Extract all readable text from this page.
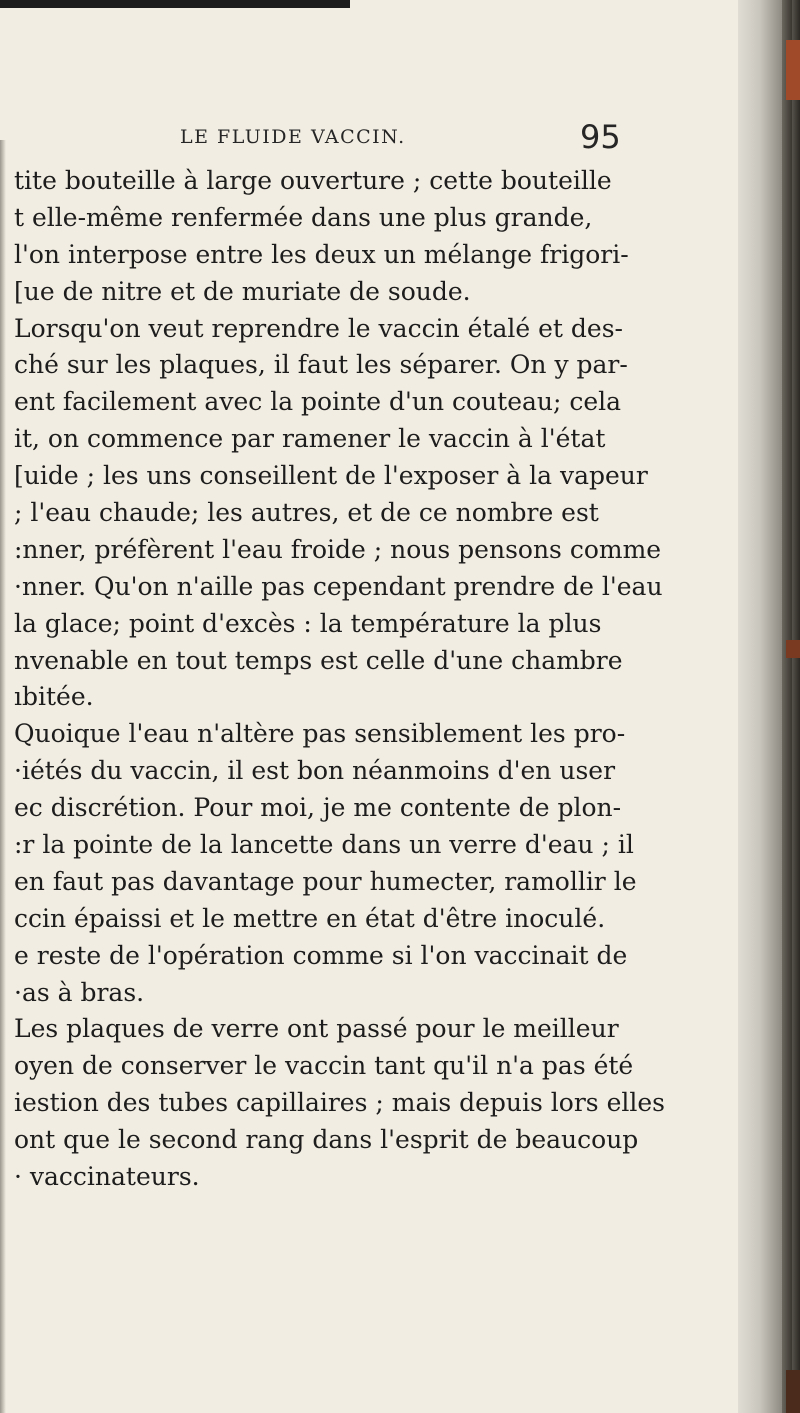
LE FLUIDE VACCIN.	95
tite bouteille à large ouverture ; cette bouteille
t elle-même renfermée dans une plus grande,
l'on interpose entre les deux un mélange frigori-
[ue de nitre et de muriate de soude.
Lorsqu'on veut reprendre le vaccin étalé et des-
ché sur les plaques, il faut les séparer. On y par-
ent facilement avec la pointe d'un couteau; cela
it, on commence par ramener le vaccin à l'état
[uide ; les uns conseillent de l'exposer à la vapeur
; l'eau chaude; les autres, et de ce nombre est
:nner, préfèrent l'eau froide ; nous pensons comme
·nner. Qu'on n'aille pas cependant prendre de l'eau
la glace; point d'excès : la température la plus
nvenable en tout temps est celle d'une chambre
ıbitée.
Quoique l'eau n'altère pas sensiblement les pro-
·iétés du vaccin, il est bon néanmoins d'en user
ec discrétion. Pour moi, je me contente de plon-
:r la pointe de la lancette dans un verre d'eau ; il
en faut pas davantage pour humecter, ramollir le
ccin épaissi et le mettre en état d'être inoculé.
e reste de l'opération comme si l'on vaccinait de
·as à bras.
Les plaques de verre ont passé pour le meilleur
oyen de conserver le vaccin tant qu'il n'a pas été
iestion des tubes capillaires ; mais depuis lors elles
ont que le second rang dans l'esprit de beaucoup
· vaccinateurs.
